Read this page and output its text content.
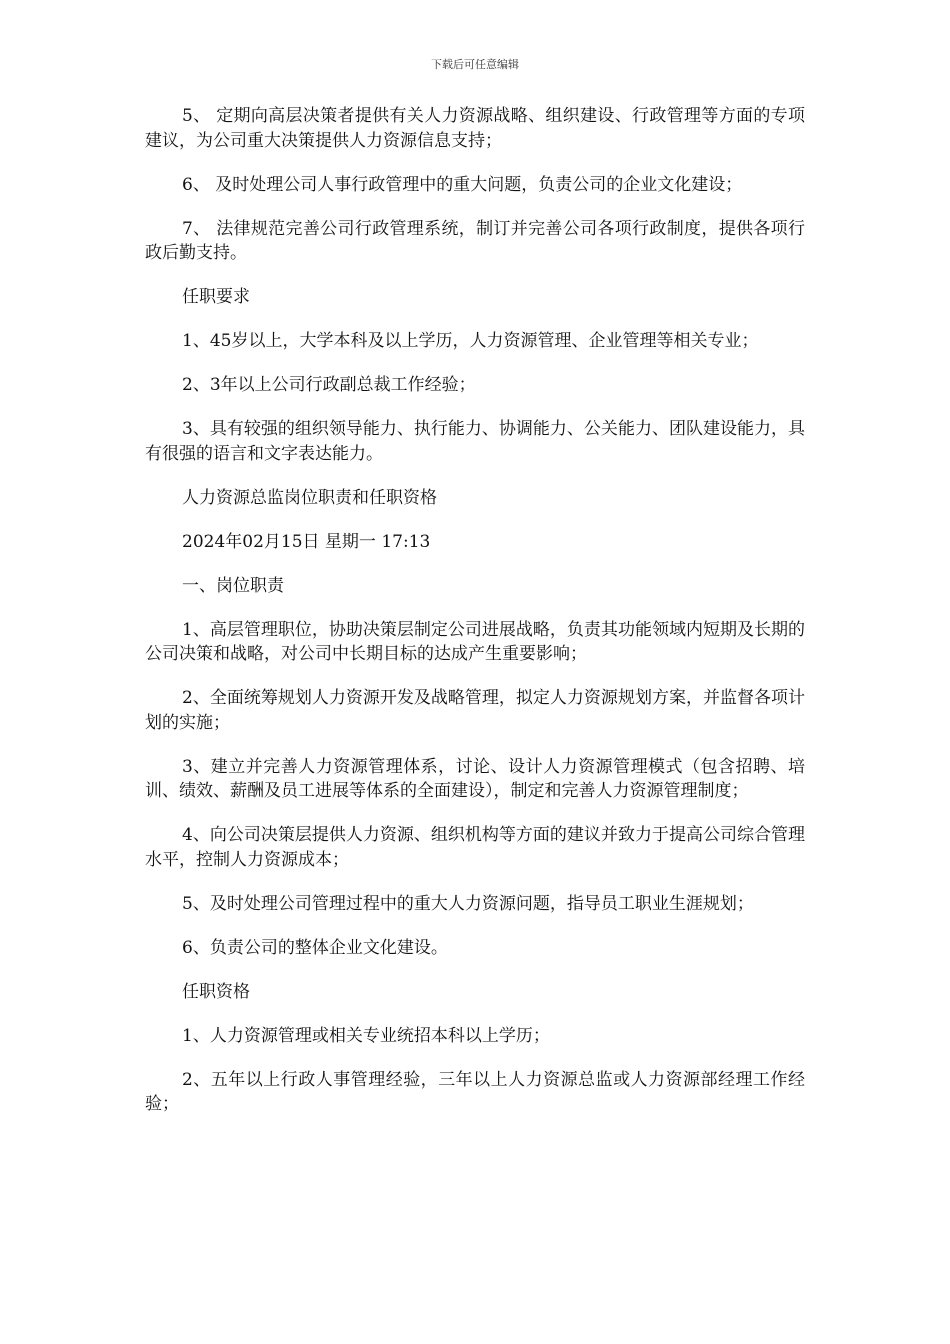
下载后可任意编辑

5、 定期向高层决策者提供有关人力资源战略、组织建设、行政管理等方面的专项建议，为公司重大决策提供人力资源信息支持；

6、 及时处理公司人事行政管理中的重大问题，负责公司的企业文化建设；

7、 法律规范完善公司行政管理系统，制订并完善公司各项行政制度，提供各项行政后勤支持。

任职要求

1、45岁以上，大学本科及以上学历，人力资源管理、企业管理等相关专业；

2、3年以上公司行政副总裁工作经验；

3、具有较强的组织领导能力、执行能力、协调能力、公关能力、团队建设能力，具有很强的语言和文字表达能力。

人力资源总监岗位职责和任职资格

2024年02月15日 星期一 17:13

一、岗位职责

1、高层管理职位，协助决策层制定公司进展战略，负责其功能领域内短期及长期的公司决策和战略，对公司中长期目标的达成产生重要影响；

2、全面统筹规划人力资源开发及战略管理，拟定人力资源规划方案，并监督各项计划的实施；

3、建立并完善人力资源管理体系，讨论、设计人力资源管理模式（包含招聘、培训、绩效、薪酬及员工进展等体系的全面建设），制定和完善人力资源管理制度；

4、向公司决策层提供人力资源、组织机构等方面的建议并致力于提高公司综合管理水平，控制人力资源成本；

5、及时处理公司管理过程中的重大人力资源问题，指导员工职业生涯规划；

6、负责公司的整体企业文化建设。

任职资格

1、人力资源管理或相关专业统招本科以上学历；

2、五年以上行政人事管理经验，三年以上人力资源总监或人力资源部经理工作经验；
